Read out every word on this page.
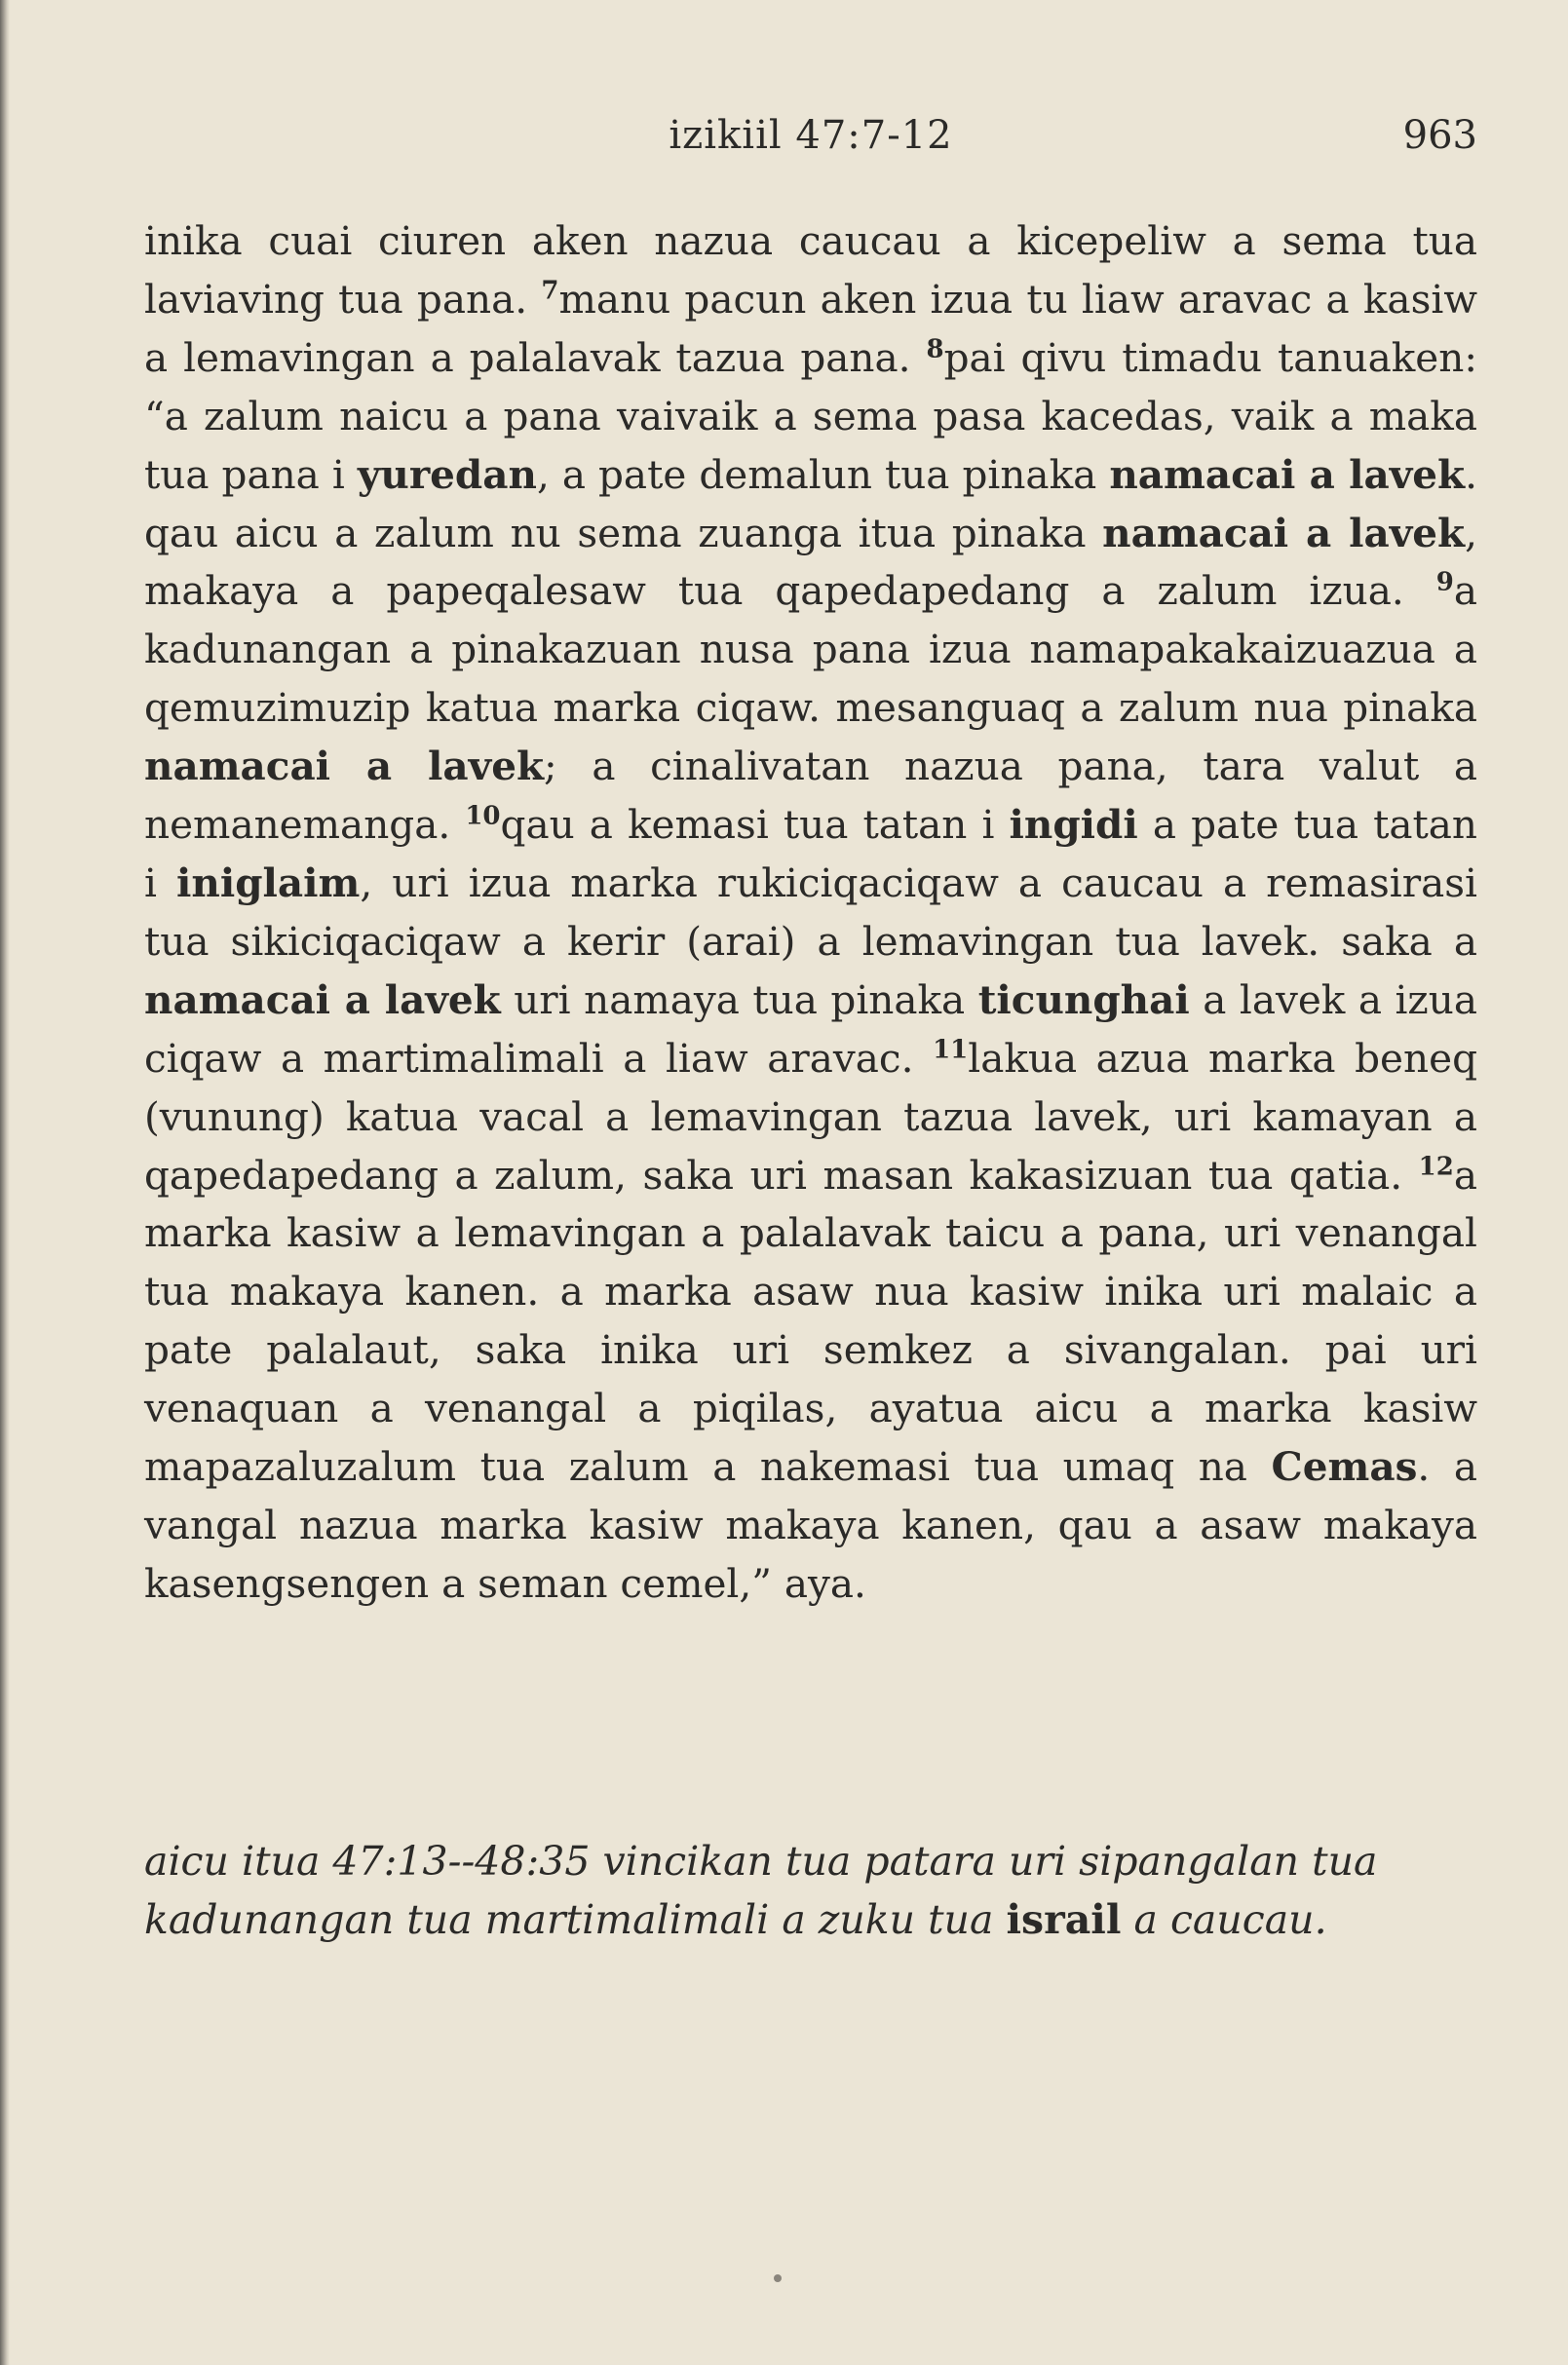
izikiil 47:7-12	963

inika cuai ciuren aken nazua caucau a kicepeliw a sema tua laviaving tua pana. $^7$manu pacun aken izua tu liaw aravac a kasiw a lemavingan a palalavak tazua pana. $^8$pai qivu timadu tanuaken: “a zalum naicu a pana vaivaik a sema pasa kacedas, vaik a maka tua pana i yuredan, a pate demalun tua pinaka namacai a lavek. qau aicu a zalum nu sema zuanga itua pinaka namacai a lavek, makaya a papeqalesaw tua qapedapedang a zalum izua. $^9$a kadunangan a pinakazuan nusa pana izua namapakakaizuazua a qemuzimuzip katua marka ciqaw. mesanguaq a zalum nua pinaka namacai a lavek; a cinalivatan nazua pana, tara valut a nemanemanga. $^{10}$qau a kemasi tua tatan i ingidi a pate tua tatan i iniglaim, uri izua marka rukiciqaciqaw a caucau a remasirasi tua sikiciqaciqaw a kerir (arai) a lemavingan tua lavek. saka a namacai a lavek uri namaya tua pinaka ticunghai a lavek a izua ciqaw a martimalimali a liaw aravac. $^{11}$lakua azua marka beneq (vunung) katua vacal a lemavingan tazua lavek, uri kamayan a qapedapedang a zalum, saka uri masan kakasizuan tua qatia. $^{12}$a marka kasiw a lemavingan a palalavak taicu a pana, uri venangal tua makaya kanen. a marka asaw nua kasiw inika uri malaic a pate palalaut, saka inika uri semkez a sivangalan. pai uri venaquan a venangal a piqilas, ayatua aicu a marka kasiw mapazaluzalum tua zalum a nakemasi tua umaq na Cemas. a vangal nazua marka kasiw makaya kanen, qau a asaw makaya kasengsengen a seman cemel,” aya.

aicu itua 47:13--48:35 vincikan tua patara uri sipangalan tua kadunangan tua martimalimali a zuku tua israil a caucau.
